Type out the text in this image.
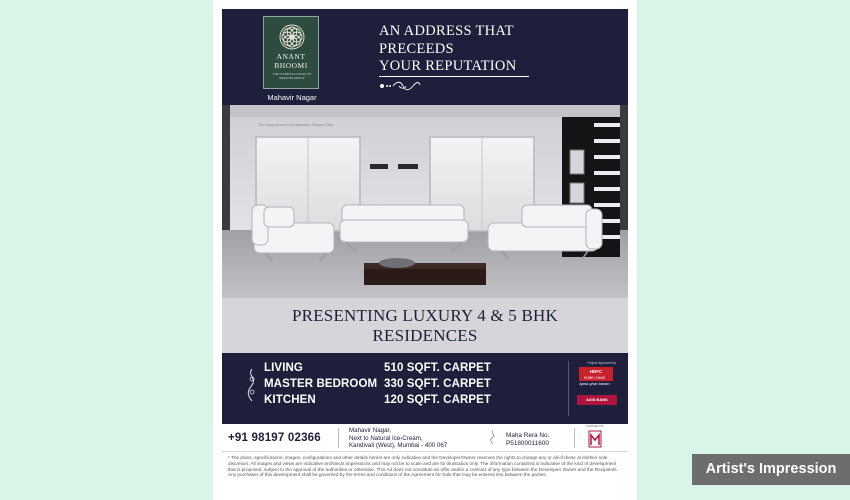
ANANT
BHOOMI
THE ULTIMATE LUXURY BY MAHAVIR GROUP
Mahavir Nagar
AN ADDRESS THAT
PRECEEDS
YOUR REPUTATION
The image shown is for illustrative Purpose Only
PRESENTING LUXURY 4 & 5 BHK
RESIDENCES
LIVING	510 SQFT. CARPET
MASTER BEDROOM 330 SQFT. CARPET
KITCHEN	120 SQFT. CARPET
Project Approved by
HDFC
HOME LOANS
apna ghar banao
AXIS BANK
+91 98197 02366
Mahavir Nagar,
Next to Natural Ice-Cream,
Kandivali (West), Mumbai - 400 067
Maha Rera No.
P51800011600
A PROJECT BY
* The plans, specifications, images, configurations and other details herein are only indicative and the Developer/Owner reserves the rights to change any or all of these at its/their sole discretion. All images and views are indicative architects impressions and may not be to scale and are for illustration only. The information contained is indicative of the kind of development that is proposed, subject to the approval of the authorities or otherwise. This Ad does not constitute an offer and/or a contract of any type between the Developer/ Owner and the Recipients. Any purchaser of this development shall be governed by the terms and conditions of the Agreement for Sale that may be entered into between the parties.	Artist's Impression
